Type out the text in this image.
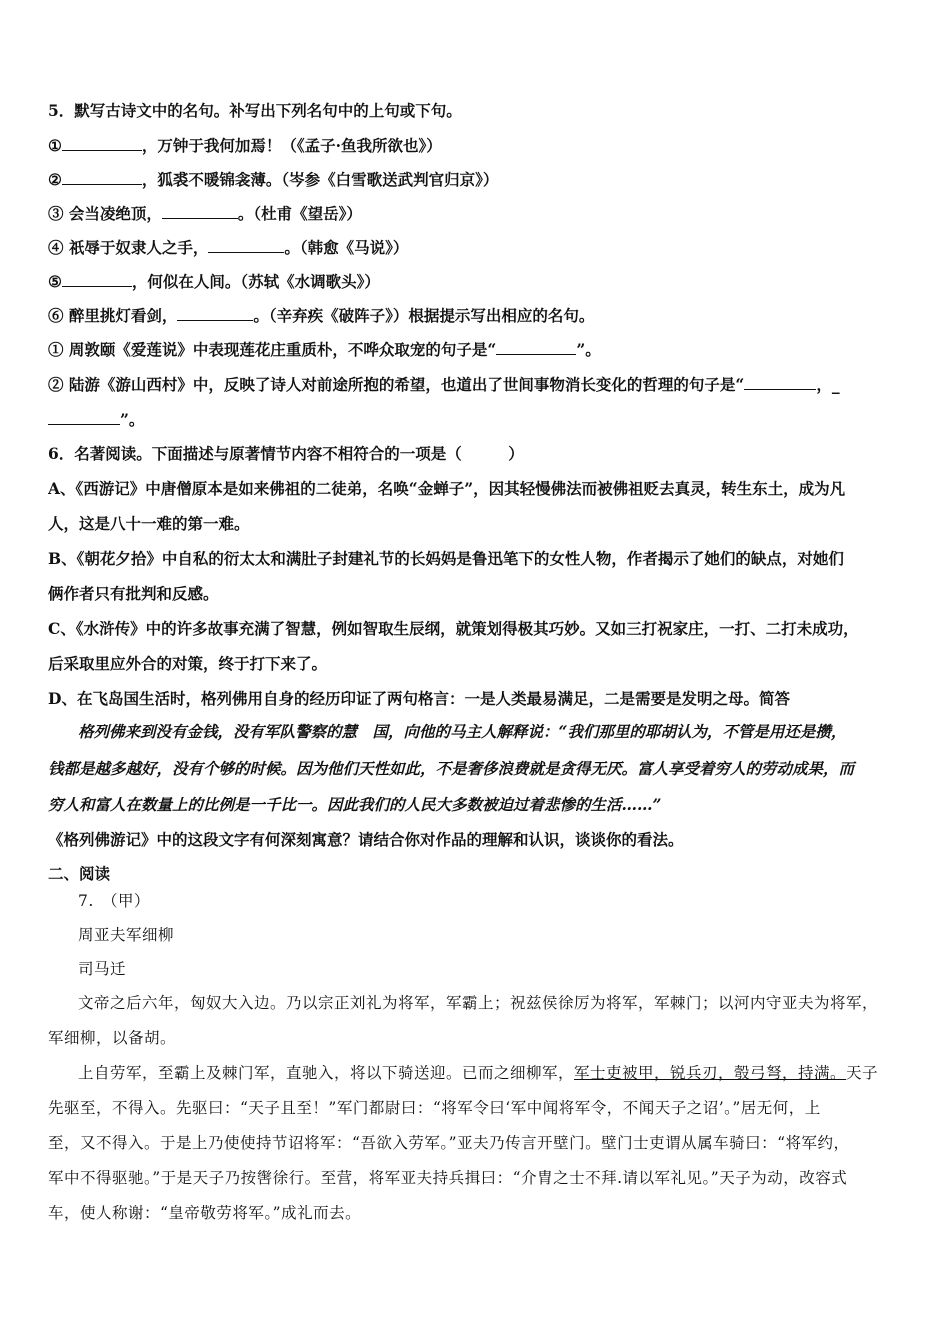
5．默写古诗文中的名句。补写出下列名句中的上句或下句。
①	，万钟于我何加焉！（《孟子·鱼我所欲也》）
②	，狐裘不暖锦衾薄。（岑参《白雪歌送武判官归京》）
③ 会当凌绝顶，	。（杜甫《望岳》）
④ 祇辱于奴隶人之手，	。（韩愈《马说》）
⑤	，何似在人间。（苏轼《水调歌头》）
⑥ 醉里挑灯看剑，	。（辛弃疾《破阵子》）根据提示写出相应的名句。
① 周敦颐《爱莲说》中表现莲花庄重质朴，不哗众取宠的句子是“	”。
② 陆游《游山西村》中，反映了诗人对前途所抱的希望，也道出了世间事物消长变化的哲理的句子是“	，_
”。
6．名著阅读。下面描述与原著情节内容不相符合的一项是（　　　）
A、《西游记》中唐僧原本是如来佛祖的二徒弟，名唤“金蝉子”，因其轻慢佛法而被佛祖贬去真灵，转生东土，成为凡
人，这是八十一难的第一难。
B、《朝花夕拾》中自私的衍太太和满肚子封建礼节的长妈妈是鲁迅笔下的女性人物，作者揭示了她们的缺点，对她们
俩作者只有批判和反感。
C、《水浒传》中的许多故事充满了智慧，例如智取生辰纲，就策划得极其巧妙。又如三打祝家庄，一打、二打未成功，
后采取里应外合的对策，终于打下来了。
D、在飞岛国生活时，格列佛用自身的经历印证了两句格言：一是人类最易满足，二是需要是发明之母。简答
格列佛来到没有金钱，没有军队警察的慧　国，向他的马主人解释说：“我们那里的耶胡认为，不管是用还是攒，
钱都是越多越好，没有个够的时候。因为他们天性如此，不是奢侈浪费就是贪得无厌。富人享受着穷人的劳动成果，而
穷人和富人在数量上的比例是一千比一。因此我们的人民大多数被迫过着悲惨的生活……”
《格列佛游记》中的这段文字有何深刻寓意？请结合你对作品的理解和认识，谈谈你的看法。
二、阅读
7.　（甲）
周亚夫军细柳
司马迁
文帝之后六年，匈奴大入边。乃以宗正刘礼为将军，军霸上；祝兹侯徐厉为将军，军棘门；以河内守亚夫为将军，
军细柳，以备胡。
上自劳军，至霸上及棘门军，直驰入，将以下骑送迎。已而之细柳军，军士吏被甲，锐兵刃，彀弓弩，持满。天子
先驱至，不得入。先驱曰：“天子且至！”军门都尉曰：“将军令曰‘军中闻将军令，不闻天子之诏’。”居无何，上
至，又不得入。于是上乃使使持节诏将军：“吾欲入劳军。”亚夫乃传言开壁门。壁门士吏谓从属车骑曰：“将军约，
军中不得驱驰。”于是天子乃按辔徐行。至营，将军亚夫持兵揖曰：“介胄之士不拜.请以军礼见。”天子为动，改容式
车，使人称谢：“皇帝敬劳将军。”成礼而去。
